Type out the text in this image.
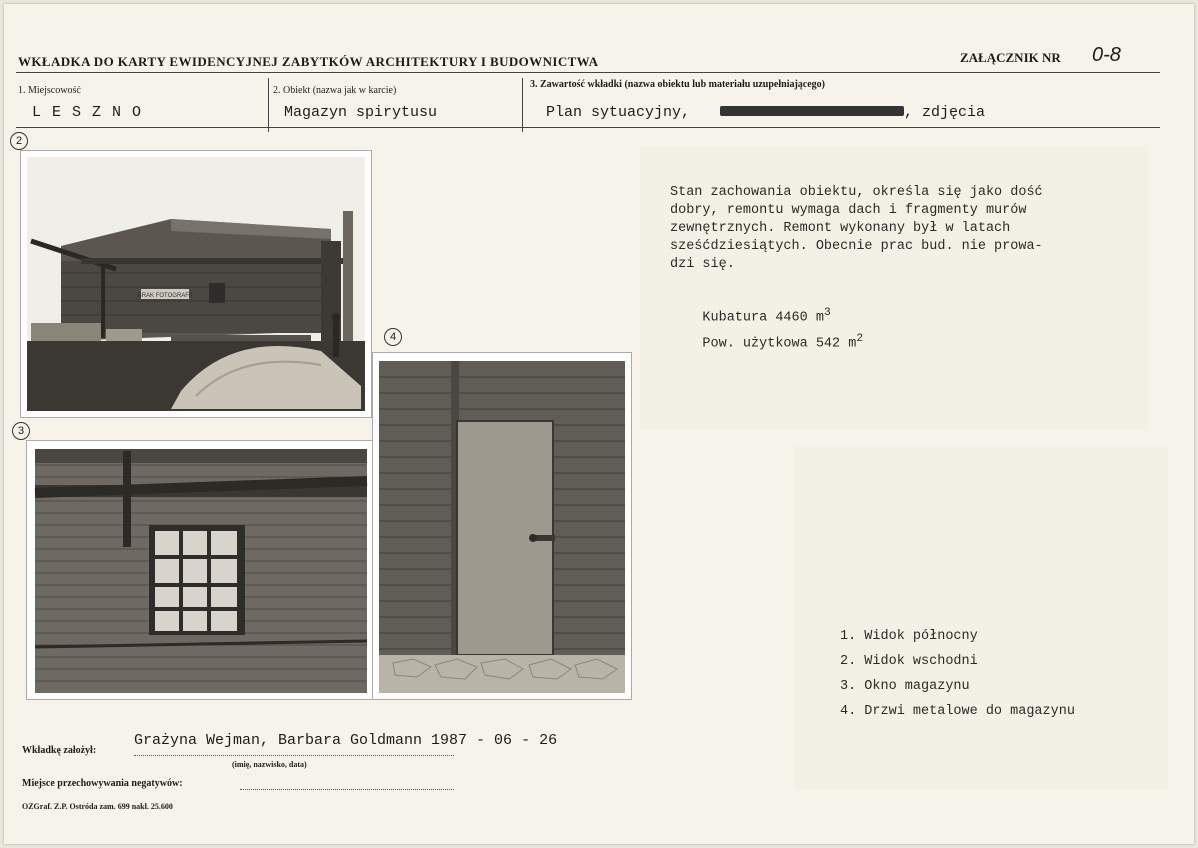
WKŁADKA DO KARTY EWIDENCYJNEJ ZABYTKÓW ARCHITEKTURY I BUDOWNICTWA	ZAŁĄCZNIK NR 0-8
1. Miejscowość
L E S Z N O
2. Obiekt (nazwa jak w karcie)
Magazyn spirytusu
3. Zawartość wkładki (nazwa obiektu lub materiału uzupełniającego)
Plan sytuacyjny,	, zdjęcia
2
BRAK FOTOGRAFII
3
4
Stan zachowania obiektu, określa się jako dość
dobry, remontu wymaga dach i fragmenty murów
zewnętrznych. Remont wykonany był w latach
sześćdziesiątych. Obecnie prac bud. nie prowa-
dzi się.

Kubatura 4460 $m^3$

Pow. użytkowa 542 $m^2$

1. Widok północny
2. Widok wschodni
3. Okno magazynu
4. Drzwi metalowe do magazynu
Wkładkę założył:
Grażyna Wejman, Barbara Goldmann 1987 - 06 - 26
(imię, nazwisko, data)
Miejsce przechowywania negatywów:
OZGraf. Z.P. Ostróda zam. 699 nakł. 25.600
